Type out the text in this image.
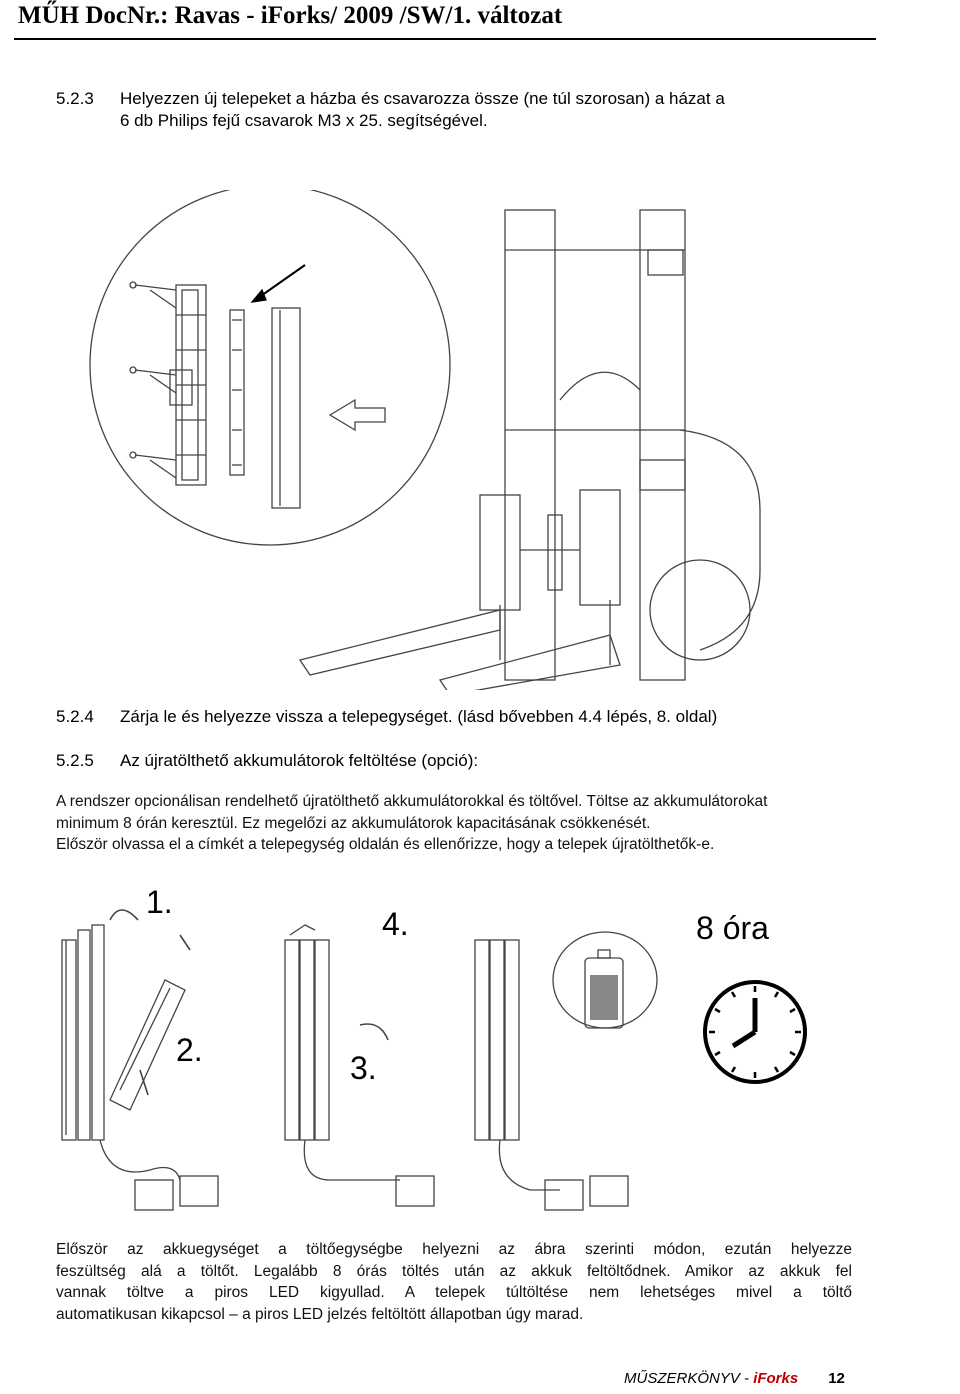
MŰH DocNr.: Ravas - iForks/ 2009 /SW/1. változat
5.2.3 Helyezzen új telepeket a házba és csavarozza össze (ne túl szorosan) a házat a
6 db Philips fejű csavarok M3 x 25. segítségével.
5.2.4 Zárja le és helyezze vissza a telepegységet. (lásd bővebben 4.4 lépés, 8. oldal)
5.2.5 Az újratölthető akkumulátorok feltöltése (opció):
A rendszer opcionálisan rendelhető újratölthető akkumulátorokkal és töltővel. Töltse az akkumulátorokat
minimum 8 órán keresztül. Ez megelőzi az akkumulátorok kapacitásának csökkenését.
Először olvassa el a címkét a telepegység oldalán és ellenőrizze, hogy a telepek újratölthetők-e.
1.
2.	3.
4.	8 óra
Először az akkuegységet a töltőegységbe helyezni az ábra szerinti módon, ezután helyezze
feszültség alá a töltőt. Legalább 8 órás töltés után az akkuk feltöltődnek. Amikor az akkuk fel
vannak töltve a piros LED kigyullad. A telepek túltöltése nem lehetséges mivel a töltő
automatikusan kikapcsol – a piros LED jelzés feltöltött állapotban úgy marad.
MŰSZERKÖNYV - iForks 12
